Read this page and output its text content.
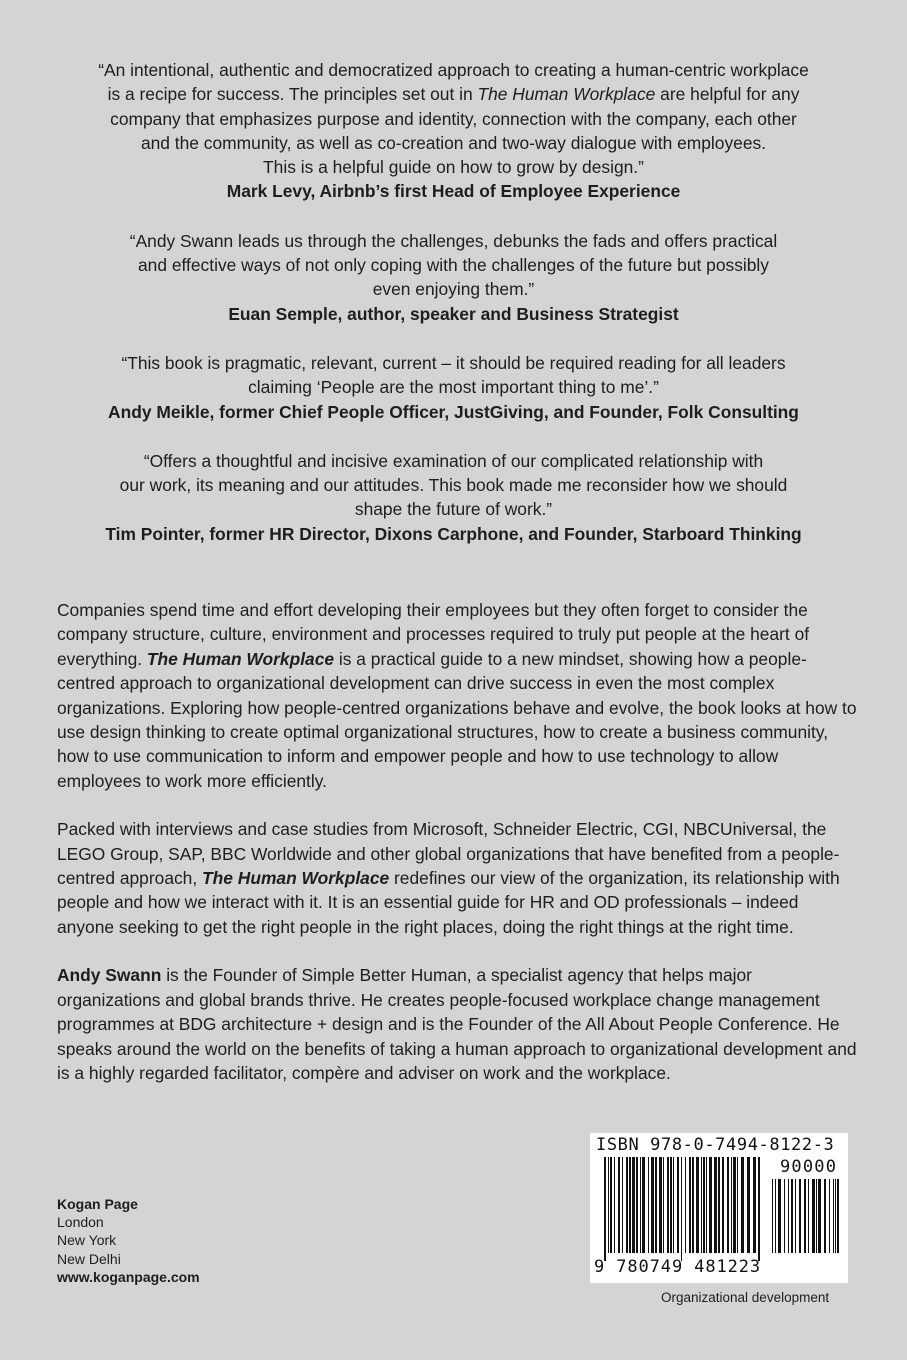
“An intentional, authentic and democratized approach to creating a human-centric workplace

is a recipe for success. The principles set out in The Human Workplace are helpful for any

company that emphasizes purpose and identity, connection with the company, each other

and the community, as well as co-creation and two-way dialogue with employees.

This is a helpful guide on how to grow by design.”

Mark Levy, Airbnb’s first Head of Employee Experience

“Andy Swann leads us through the challenges, debunks the fads and offers practical

and effective ways of not only coping with the challenges of the future but possibly

even enjoying them.”

Euan Semple, author, speaker and Business Strategist

“This book is pragmatic, relevant, current – it should be required reading for all leaders

claiming ‘People are the most important thing to me’.”

Andy Meikle, former Chief People Officer, JustGiving, and Founder, Folk Consulting

“Offers a thoughtful and incisive examination of our complicated relationship with

our work, its meaning and our attitudes. This book made me reconsider how we should

shape the future of work.”

Tim Pointer, former HR Director, Dixons Carphone, and Founder, Starboard Thinking

Companies spend time and effort developing their employees but they often forget to consider the company structure, culture, environment and processes required to truly put people at the heart of everything. The Human Workplace is a practical guide to a new mindset, showing how a people-centred approach to organizational development can drive success in even the most complex organizations. Exploring how people-centred organizations behave and evolve, the book looks at how to use design thinking to create optimal organizational structures, how to create a business community, how to use communication to inform and empower people and how to use technology to allow employees to work more efficiently.

Packed with interviews and case studies from Microsoft, Schneider Electric, CGI, NBCUniversal, the LEGO Group, SAP, BBC Worldwide and other global organizations that have benefited from a people-centred approach, The Human Workplace redefines our view of the organization, its relationship with people and how we interact with it. It is an essential guide for HR and OD professionals – indeed anyone seeking to get the right people in the right places, doing the right things at the right time.

Andy Swann is the Founder of Simple Better Human, a specialist agency that helps major organizations and global brands thrive. He creates people-focused workplace change management programmes at BDG architecture + design and is the Founder of the All About People Conference. He speaks around the world on the benefits of taking a human approach to organizational development and is a highly regarded facilitator, compère and adviser on work and the workplace.

Kogan Page
London
New York
New Delhi
www.koganpage.com
ISBN 978-0-7494-8122-3
90000
9 780749 481223
Organizational development
